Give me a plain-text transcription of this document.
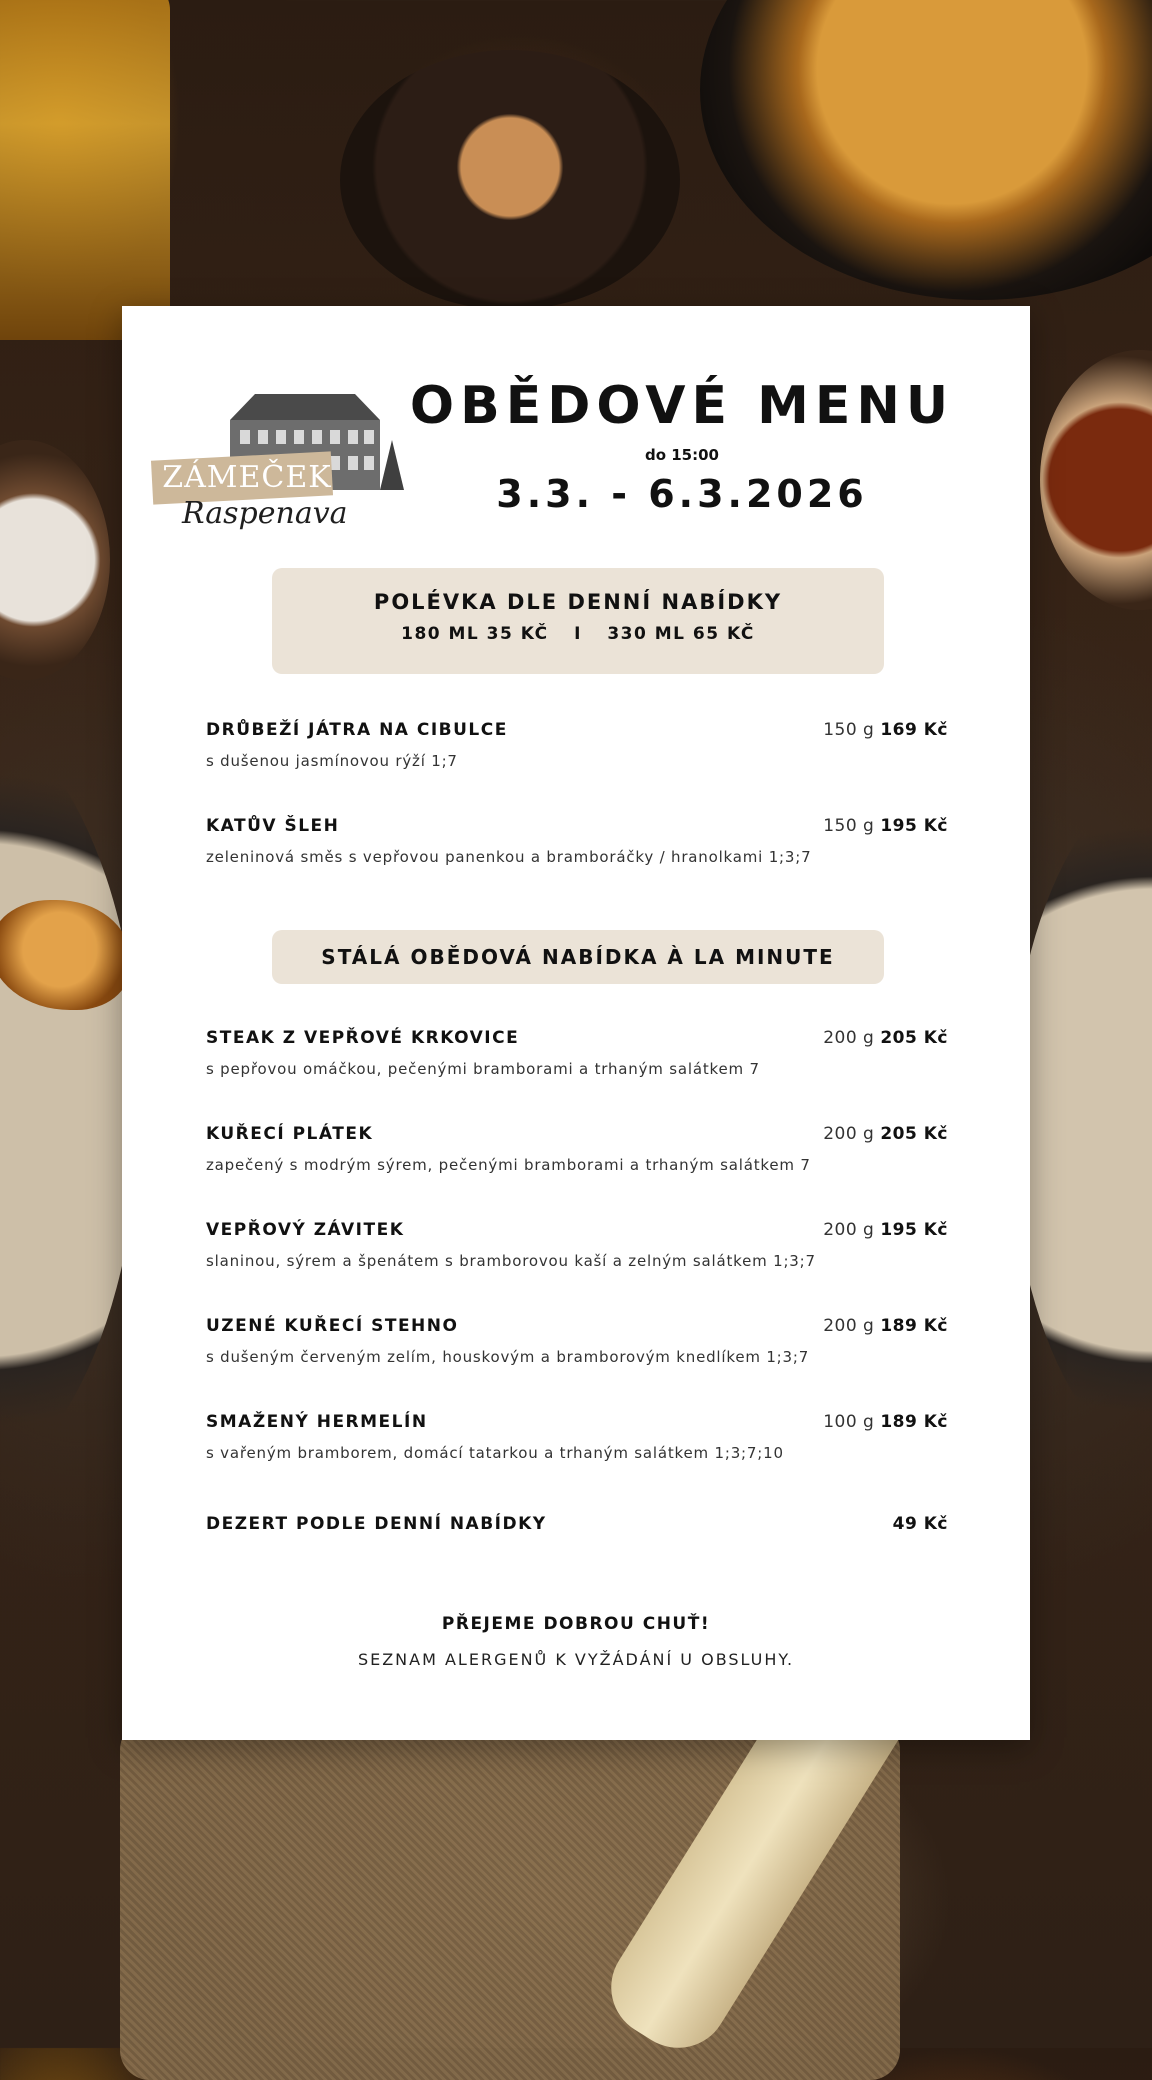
ZÁMEČEK
Raspenava
OBĚDOVÉ MENU
do 15:00
3.3. - 6.3.2026
POLÉVKA DLE DENNÍ NABÍDKY
180 ML 35 KČ I 330 ML 65 KČ
DRŮBEŽÍ JÁTRA NA CIBULCE	150 g 169 Kč
s dušenou jasmínovou rýží 1;7
KATŮV ŠLEH	150 g 195 Kč
zeleninová směs s vepřovou panenkou a bramboráčky / hranolkami 1;3;7
STÁLÁ OBĚDOVÁ NABÍDKA À LA MINUTE
STEAK Z VEPŘOVÉ KRKOVICE	200 g 205 Kč
s pepřovou omáčkou, pečenými bramborami a trhaným salátkem 7
KUŘECÍ PLÁTEK	200 g 205 Kč
zapečený s modrým sýrem, pečenými bramborami a trhaným salátkem 7
VEPŘOVÝ ZÁVITEK	200 g 195 Kč
slaninou, sýrem a špenátem s bramborovou kaší a zelným salátkem 1;3;7
UZENÉ KUŘECÍ STEHNO	200 g 189 Kč
s dušeným červeným zelím, houskovým a bramborovým knedlíkem 1;3;7
SMAŽENÝ HERMELÍN	100 g 189 Kč
s vařeným bramborem, domácí tatarkou a trhaným salátkem 1;3;7;10
DEZERT PODLE DENNÍ NABÍDKY	49 Kč
PŘEJEME DOBROU CHUŤ!
SEZNAM ALERGENŮ K VYŽÁDÁNÍ U OBSLUHY.
